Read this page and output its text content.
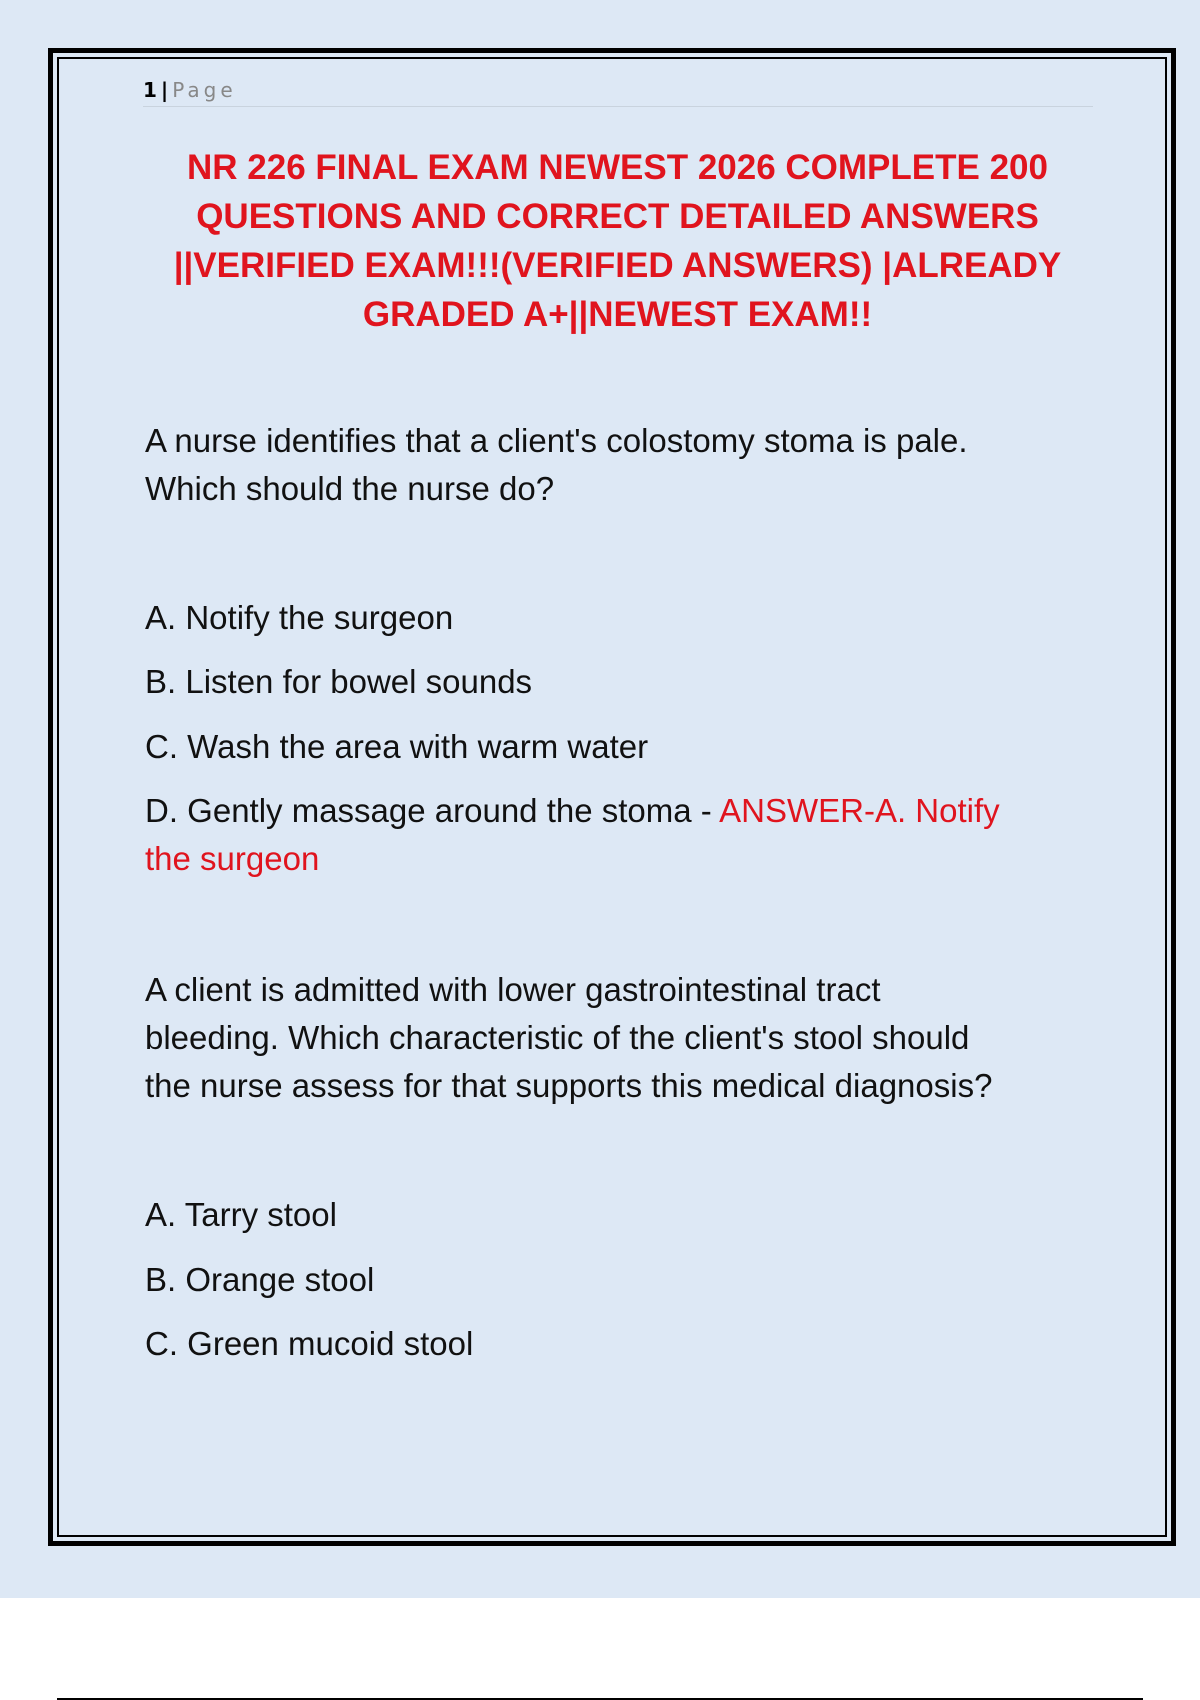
1 | Page
NR 226 FINAL EXAM NEWEST 2026 COMPLETE 200
QUESTIONS AND CORRECT DETAILED ANSWERS
||VERIFIED EXAM!!!(VERIFIED ANSWERS) |ALREADY
GRADED A+||NEWEST EXAM!!

A nurse identifies that a client's colostomy stoma is pale.
Which should the nurse do?

A. Notify the surgeon

B. Listen for bowel sounds

C. Wash the area with warm water

D. Gently massage around the stoma - ANSWER-A. Notify
the surgeon

A client is admitted with lower gastrointestinal tract
bleeding. Which characteristic of the client's stool should
the nurse assess for that supports this medical diagnosis?

A. Tarry stool

B. Orange stool

C. Green mucoid stool
